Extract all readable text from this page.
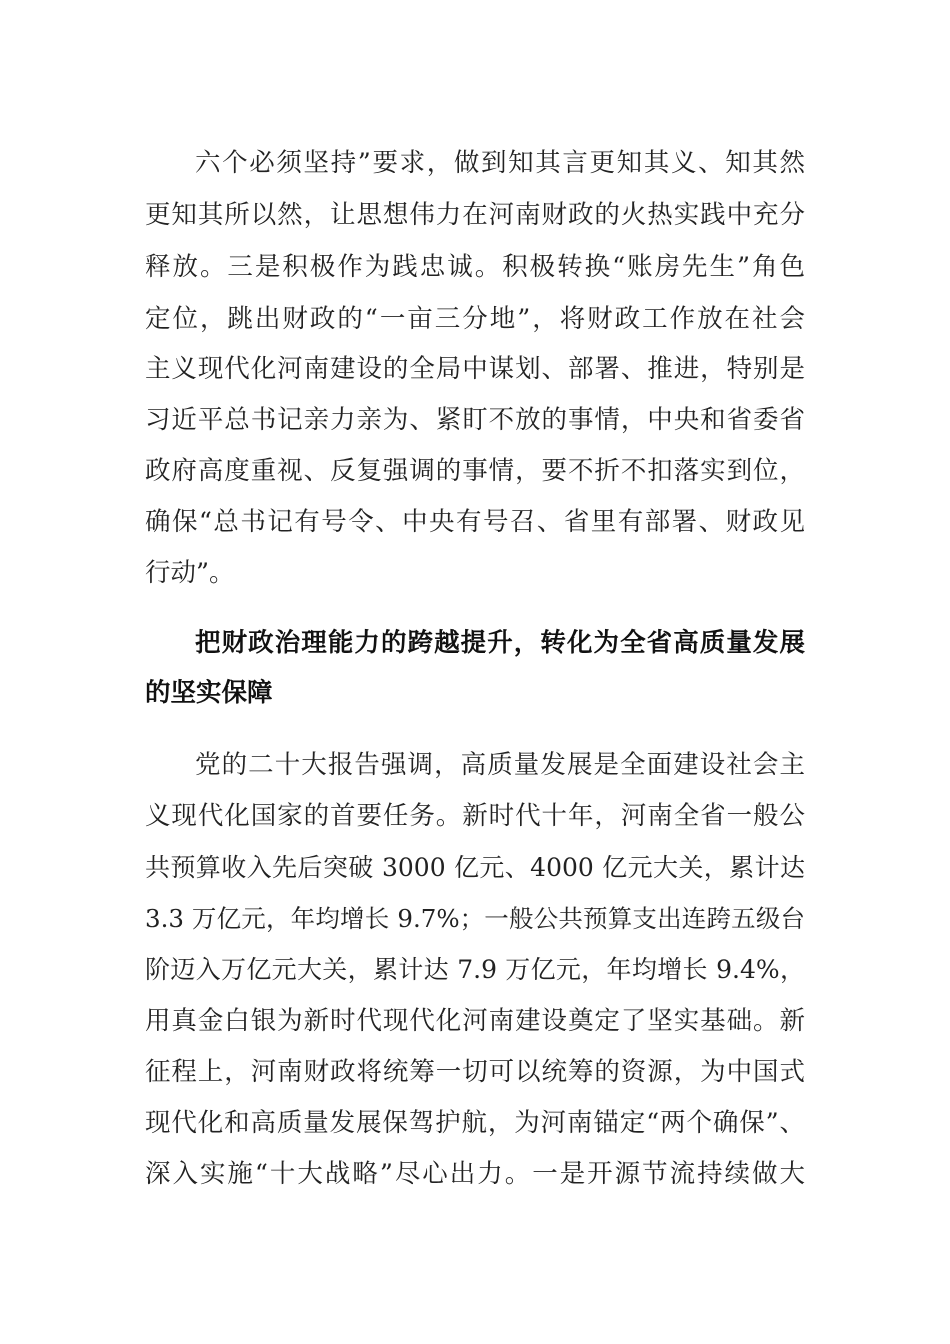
六个必须坚持”要求，做到知其言更知其义、知其然
更知其所以然，让思想伟力在河南财政的火热实践中充分
释放。三是积极作为践忠诚。积极转换“账房先生”角色
定位，跳出财政的“一亩三分地”，将财政工作放在社会
主义现代化河南建设的全局中谋划、部署、推进，特别是
习近平总书记亲力亲为、紧盯不放的事情，中央和省委省
政府高度重视、反复强调的事情，要不折不扣落实到位，
确保“总书记有号令、中央有号召、省里有部署、财政见
行动”。
把财政治理能力的跨越提升，转化为全省高质量发展
的坚实保障
党的二十大报告强调，高质量发展是全面建设社会主
义现代化国家的首要任务。新时代十年，河南全省一般公
共预算收入先后突破 3000 亿元、4000 亿元大关，累计达
3.3 万亿元，年均增长 9.7%；一般公共预算支出连跨五级台
阶迈入万亿元大关，累计达 7.9 万亿元，年均增长 9.4%，
用真金白银为新时代现代化河南建设奠定了坚实基础。新
征程上，河南财政将统筹一切可以统筹的资源，为中国式
现代化和高质量发展保驾护航，为河南锚定“两个确保”、
深入实施“十大战略”尽心出力。一是开源节流持续做大
